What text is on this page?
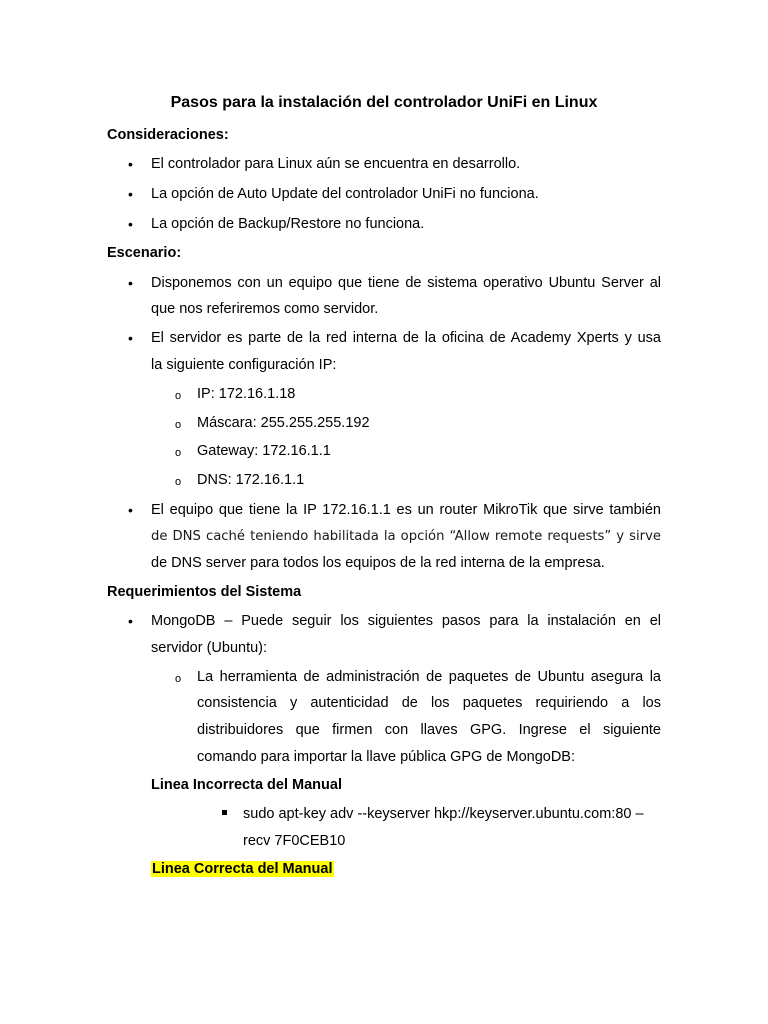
Pasos para la instalación del controlador UniFi en Linux
Consideraciones:
• El controlador para Linux aún se encuentra en desarrollo.
• La opción de Auto Update del controlador UniFi no funciona.
• La opción de Backup/Restore no funciona.
Escenario:
• Disponemos con un equipo que tiene de sistema operativo Ubuntu Server al
que nos referiremos como servidor.
• El servidor es parte de la red interna de la oficina de Academy Xperts y usa
la siguiente configuración IP:
o IP: 172.16.1.18
o Máscara: 255.255.255.192
o Gateway: 172.16.1.1
o DNS: 172.16.1.1
• El equipo que tiene la IP 172.16.1.1 es un router MikroTik que sirve también
de DNS caché teniendo habilitada la opción “Allow remote requests” y sirve
de DNS server para todos los equipos de la red interna de la empresa.
Requerimientos del Sistema
• MongoDB – Puede seguir los siguientes pasos para la instalación en el
servidor (Ubuntu):
o La herramienta de administración de paquetes de Ubuntu asegura la
consistencia y autenticidad de los paquetes requiriendo a los
distribuidores que firmen con llaves GPG. Ingrese el siguiente
comando para importar la llave pública GPG de MongoDB:
Linea Incorrecta del Manual
sudo apt-key adv --keyserver hkp://keyserver.ubuntu.com:80 –
recv 7F0CEB10
Linea Correcta del Manual
